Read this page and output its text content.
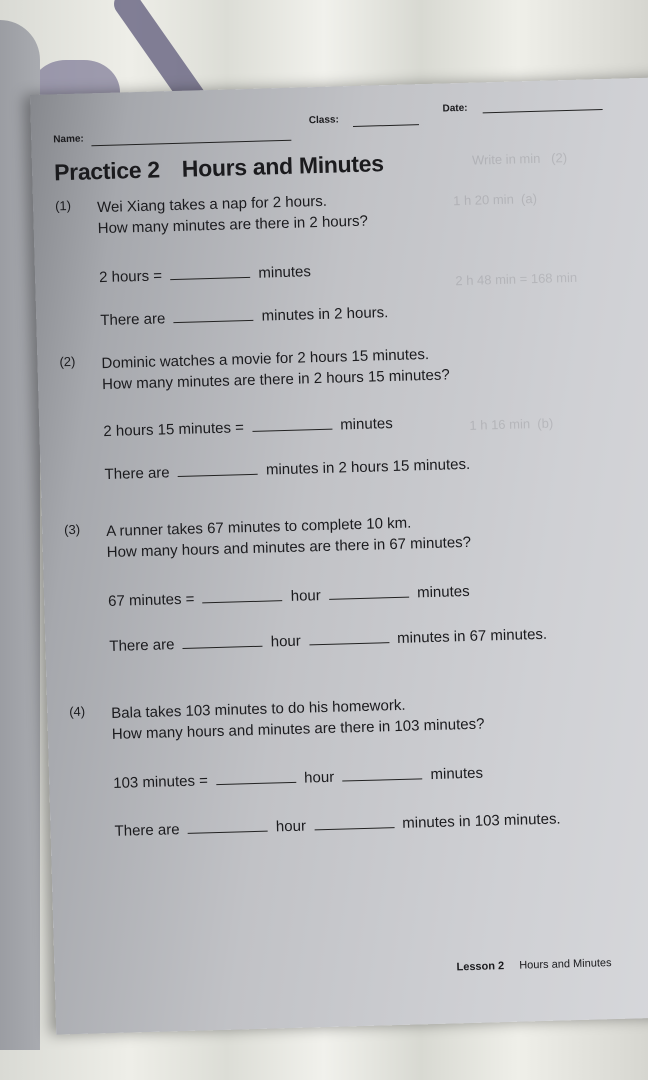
Write in min   (2)
1 h 20 min  (a)
2 h 48 min = 168 min
1 h 16 min  (b)
Name:
Class:
Date:
Practice 2 Hours and Minutes
(1) Wei Xiang takes a nap for 2 hours.
How many minutes are there in 2 hours?
2 hours =	minutes
There are	minutes in 2 hours.
(2) Dominic watches a movie for 2 hours 15 minutes.
How many minutes are there in 2 hours 15 minutes?
2 hours 15 minutes =	minutes
There are	minutes in 2 hours 15 minutes.
(3) A runner takes 67 minutes to complete 10 km.
How many hours and minutes are there in 67 minutes?
67 minutes =	hour	minutes
There are	hour	minutes in 67 minutes.
(4) Bala takes 103 minutes to do his homework.
How many hours and minutes are there in 103 minutes?
103 minutes =	hour	minutes
There are	hour	minutes in 103 minutes.
Lesson 2 Hours and Minutes
